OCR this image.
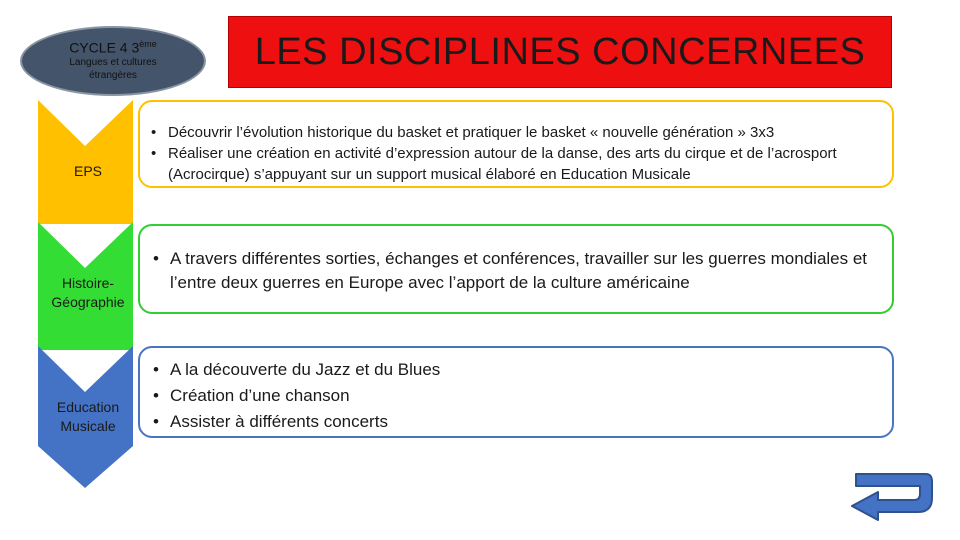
CYCLE 4 3ème
Langues et cultures étrangères
LES DISCIPLINES CONCERNEES
EPS
Histoire-Géographie
Education Musicale
• Découvrir l’évolution historique du basket et pratiquer le basket « nouvelle génération » 3x3
• Réaliser une création en activité d’expression autour de la danse, des arts du cirque et de l’acrosport (Acrocirque) s’appuyant sur un support musical élaboré en Education Musicale
• A travers différentes sorties, échanges et conférences, travailler sur les guerres mondiales et l’entre deux guerres en Europe avec l’apport de la culture américaine
• A la découverte du Jazz et du Blues
• Création d’une chanson
• Assister à différents concerts
